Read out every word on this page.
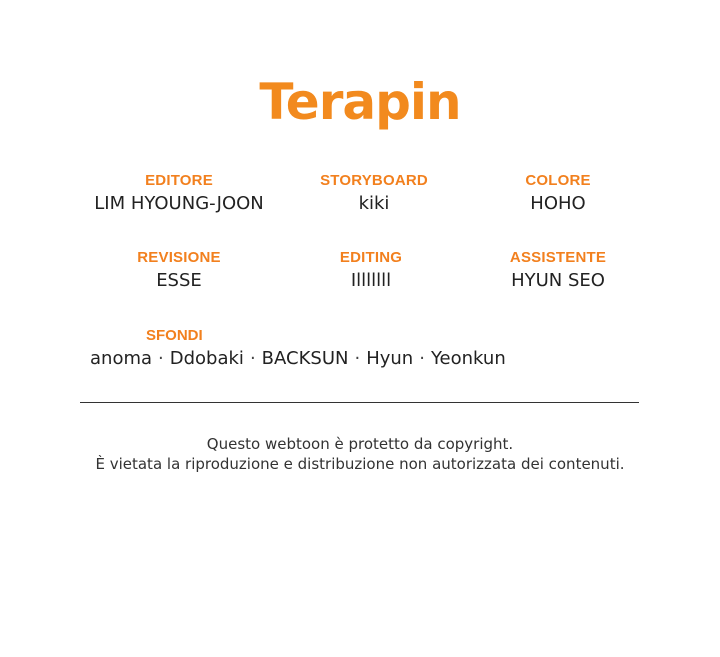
Terapin
EDITORE
LIM HYOUNG-JOON
STORYBOARD
kiki
COLORE
HOHO
REVISIONE
ESSE
EDITING
Illlllll
ASSISTENTE
HYUN SEO
SFONDI
anoma · Ddobaki · BACKSUN · Hyun · Yeonkun
Questo webtoon è protetto da copyright.
È vietata la riproduzione e distribuzione non autorizzata dei contenuti.
